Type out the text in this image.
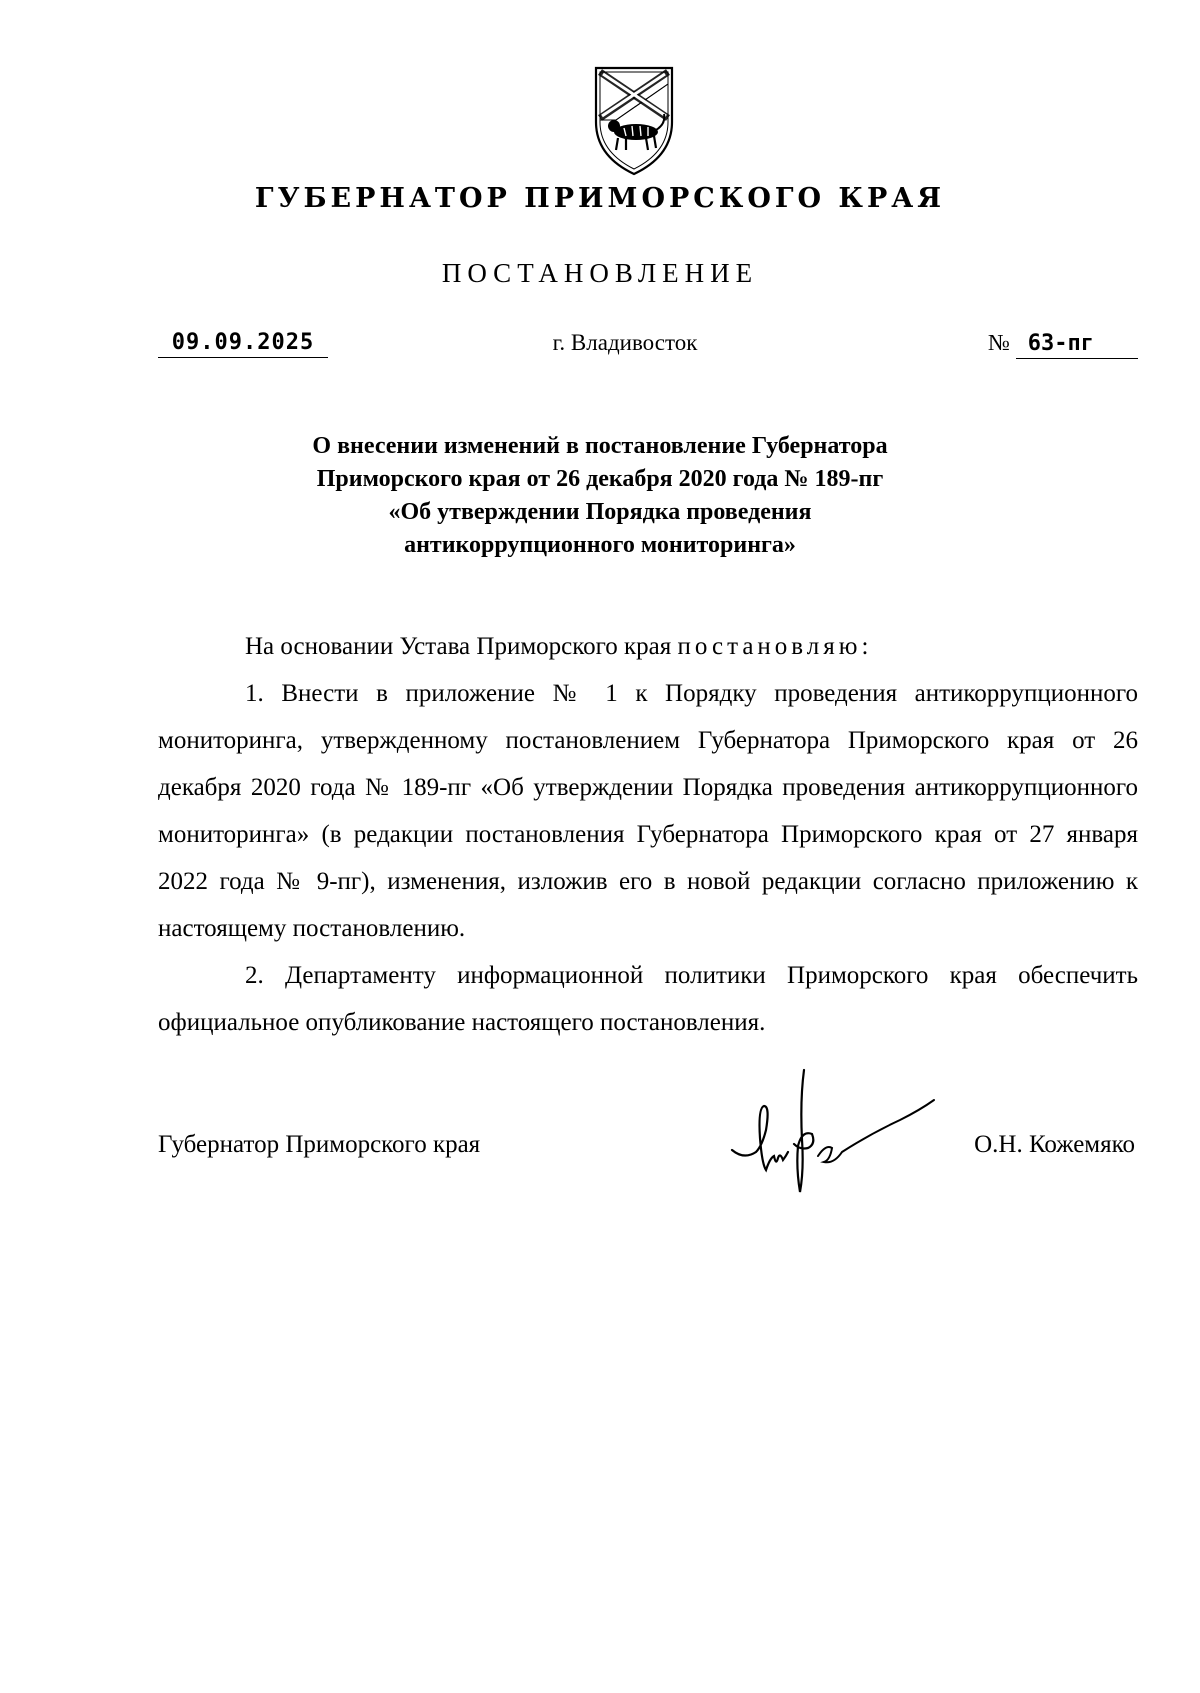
ГУБЕРНАТОР ПРИМОРСКОГО КРАЯ
ПОСТАНОВЛЕНИЕ
09.09.2025	г. Владивосток	№ 63-пг
О внесении изменений в постановление Губернатора
Приморского края от 26 декабря 2020 года № 189-пг
«Об утверждении Порядка проведения
антикоррупционного мониторинга»

На основании Устава Приморского края постановляю:

1. Внести в приложение № 1 к Порядку проведения антикоррупционного мониторинга, утвержденному постановлением Губернатора Приморского края от 26 декабря 2020 года № 189-пг «Об утверждении Порядка проведения антикоррупционного мониторинга» (в редакции постановления Губернатора Приморского края от 27 января 2022 года № 9-пг), изменения, изложив его в новой редакции согласно приложению к настоящему постановлению.

2. Департаменту информационной политики Приморского края обеспечить официальное опубликование настоящего постановления.

Губернатор Приморского края	О.Н. Кожемяко
